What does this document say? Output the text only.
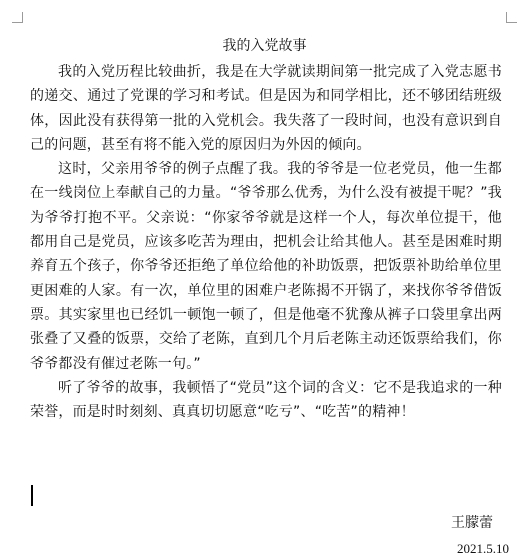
我的入党故事

我的入党历程比较曲折，我是在大学就读期间第一批完成了入党志愿书的递交、通过了党课的学习和考试。但是因为和同学相比，还不够团结班级体，因此没有获得第一批的入党机会。我失落了一段时间，也没有意识到自己的问题，甚至有将不能入党的原因归为外因的倾向。

这时，父亲用爷爷的例子点醒了我。我的爷爷是一位老党员，他一生都在一线岗位上奉献自己的力量。“爷爷那么优秀，为什么没有被提干呢？”我为爷爷打抱不平。父亲说：“你家爷爷就是这样一个人，每次单位提干，他都用自己是党员，应该多吃苦为理由，把机会让给其他人。甚至是困难时期养育五个孩子，你爷爷还拒绝了单位给他的补助饭票，把饭票补助给单位里更困难的人家。有一次，单位里的困难户老陈揭不开锅了，来找你爷爷借饭票。其实家里也已经饥一顿饱一顿了，但是他毫不犹豫从裤子口袋里拿出两张叠了又叠的饭票，交给了老陈，直到几个月后老陈主动还饭票给我们，你爷爷都没有催过老陈一句。”

听了爷爷的故事，我顿悟了“党员”这个词的含义：它不是我追求的一种荣誉，而是时时刻刻、真真切切愿意“吃亏”、“吃苦”的精神！

王朦蕾
2021.5.10
